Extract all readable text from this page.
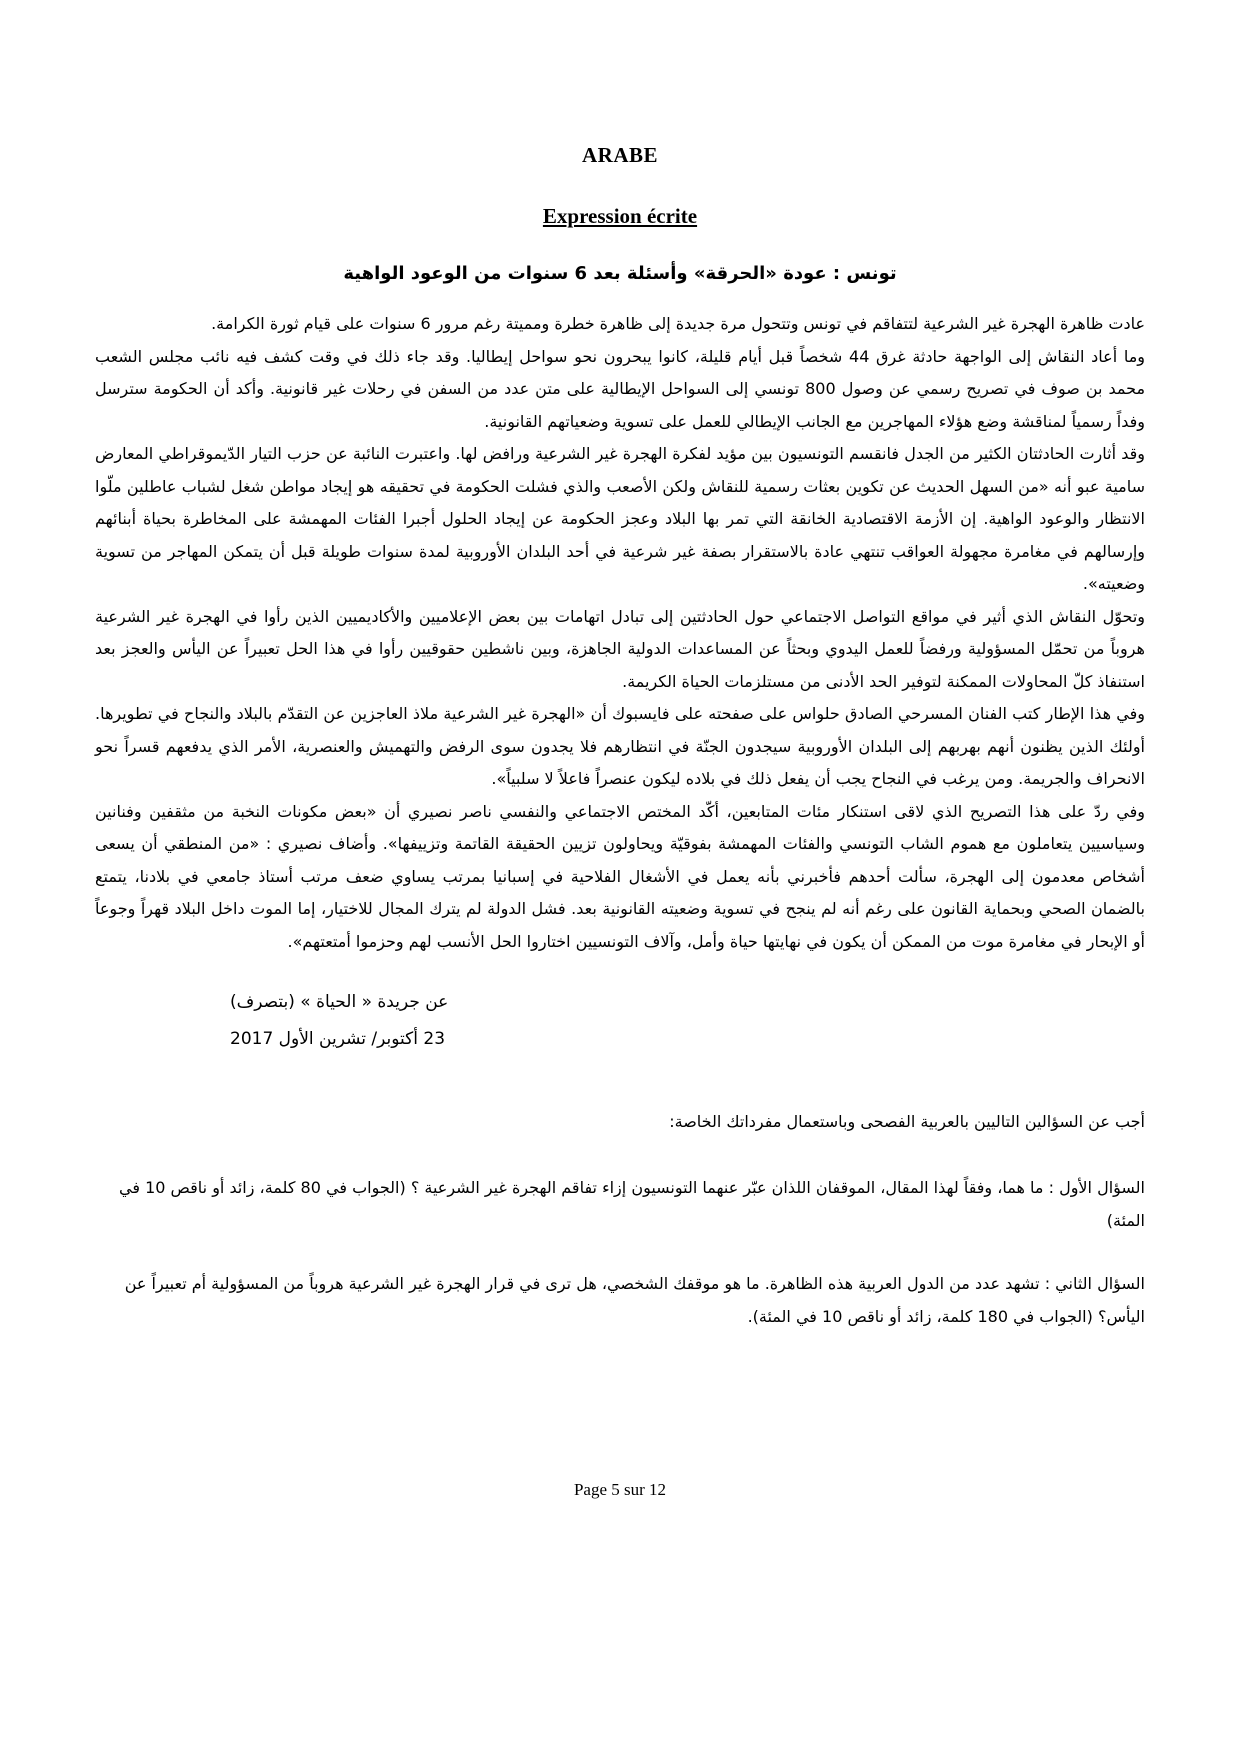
ARABE
Expression écrite
تونس : عودة «الحرقة» وأسئلة بعد 6 سنوات من الوعود الواهية

عادت ظاهرة الهجرة غير الشرعية لتتفاقم في تونس وتتحول مرة جديدة إلى ظاهرة خطرة ومميتة رغم مرور 6 سنوات على قيام ثورة الكرامة.

وما أعاد النقاش إلى الواجهة حادثة غرق 44 شخصاً قبل أيام قليلة، كانوا يبحرون نحو سواحل إيطاليا. وقد جاء ذلك في وقت كشف فيه نائب مجلس الشعب محمد بن صوف في تصريح رسمي عن وصول 800 تونسي إلى السواحل الإيطالية على متن عدد من السفن في رحلات غير قانونية. وأكد أن الحكومة سترسل وفداً رسمياً لمناقشة وضع هؤلاء المهاجرين مع الجانب الإيطالي للعمل على تسوية وضعياتهم القانونية.

وقد أثارت الحادثتان الكثير من الجدل فانقسم التونسيون بين مؤيد لفكرة الهجرة غير الشرعية ورافض لها. واعتبرت النائبة عن حزب التيار الدّيموقراطي المعارض سامية عبو أنه «من السهل الحديث عن تكوين بعثات رسمية للنقاش ولكن الأصعب والذي فشلت الحكومة في تحقيقه هو إيجاد مواطن شغل لشباب عاطلين ملّوا الانتظار والوعود الواهية. إن الأزمة الاقتصادية الخانقة التي تمر بها البلاد وعجز الحكومة عن إيجاد الحلول أجبرا الفئات المهمشة على المخاطرة بحياة أبنائهم وإرسالهم في مغامرة مجهولة العواقب تنتهي عادة بالاستقرار بصفة غير شرعية في أحد البلدان الأوروبية لمدة سنوات طويلة قبل أن يتمكن المهاجر من تسوية وضعيته».

وتحوّل النقاش الذي أثير في مواقع التواصل الاجتماعي حول الحادثتين إلى تبادل اتهامات بين بعض الإعلاميين والأكاديميين الذين رأوا في الهجرة غير الشرعية هروباً من تحمّل المسؤولية ورفضاً للعمل اليدوي وبحثاً عن المساعدات الدولية الجاهزة، وبين ناشطين حقوقيين رأوا في هذا الحل تعبيراً عن اليأس والعجز بعد استنفاذ كلّ المحاولات الممكنة لتوفير الحد الأدنى من مستلزمات الحياة الكريمة.

وفي هذا الإطار كتب الفنان المسرحي الصادق حلواس على صفحته على فايسبوك أن «الهجرة غير الشرعية ملاذ العاجزين عن التقدّم بالبلاد والنجاح في تطويرها. أولئك الذين يظنون أنهم بهربهم إلى البلدان الأوروبية سيجدون الجنّة في انتظارهم فلا يجدون سوى الرفض والتهميش والعنصرية، الأمر الذي يدفعهم قسراً نحو الانحراف والجريمة. ومن يرغب في النجاح يجب أن يفعل ذلك في بلاده ليكون عنصراً فاعلاً لا سلبياً».

وفي ردّ على هذا التصريح الذي لاقى استنكار مئات المتابعين، أكّد المختص الاجتماعي والنفسي ناصر نصيري أن «بعض مكونات النخبة من مثقفين وفنانين وسياسيين يتعاملون مع هموم الشاب التونسي والفئات المهمشة بفوقيّة ويحاولون تزيين الحقيقة القاتمة وتزييفها». وأضاف نصيري : «من المنطقي أن يسعى أشخاص معدمون إلى الهجرة، سألت أحدهم فأخبرني بأنه يعمل في الأشغال الفلاحية في إسبانيا بمرتب يساوي ضعف مرتب أستاذ جامعي في بلادنا، يتمتع بالضمان الصحي وبحماية القانون على رغم أنه لم ينجح في تسوية وضعيته القانونية بعد. فشل الدولة لم يترك المجال للاختيار، إما الموت داخل البلاد قهراً وجوعاً أو الإبحار في مغامرة موت من الممكن أن يكون في نهايتها حياة وأمل، وآلاف التونسيين اختاروا الحل الأنسب لهم وحزموا أمتعتهم».

عن جريدة « الحياة » (بتصرف)

23 أكتوبر/ تشرين الأول 2017

أجب عن السؤالين التاليين بالعربية الفصحى وباستعمال مفرداتك الخاصة:

السؤال الأول : ما هما، وفقاً لهذا المقال، الموقفان اللذان عبّر عنهما التونسيون إزاء تفاقم الهجرة غير الشرعية ؟ (الجواب في 80 كلمة، زائد أو ناقص 10 في المئة)

السؤال الثاني : تشهد عدد من الدول العربية هذه الظاهرة. ما هو موقفك الشخصي، هل ترى في قرار الهجرة غير الشرعية هروباً من المسؤولية أم تعبيراً عن اليأس؟ (الجواب في 180 كلمة، زائد أو ناقص 10 في المئة).

Page 5 sur 12
